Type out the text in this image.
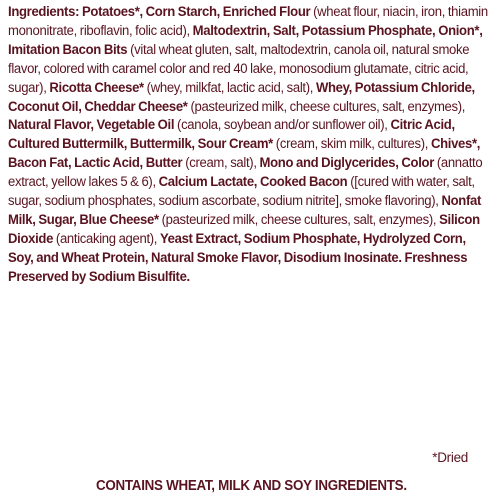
Ingredients: Potatoes*, Corn Starch, Enriched Flour (wheat flour, niacin, iron, thiamin mononitrate, riboflavin, folic acid), Maltodextrin, Salt, Potassium Phosphate, Onion*, Imitation Bacon Bits (vital wheat gluten, salt, maltodextrin, canola oil, natural smoke flavor, colored with caramel color and red 40 lake, monosodium glutamate, citric acid, sugar), Ricotta Cheese* (whey, milkfat, lactic acid, salt), Whey, Potassium Chloride, Coconut Oil, Cheddar Cheese* (pasteurized milk, cheese cultures, salt, enzymes), Natural Flavor, Vegetable Oil (canola, soybean and/or sunflower oil), Citric Acid, Cultured Buttermilk, Buttermilk, Sour Cream* (cream, skim milk, cultures), Chives*, Bacon Fat, Lactic Acid, Butter (cream, salt), Mono and Diglycerides, Color (annatto extract, yellow lakes 5 & 6), Calcium Lactate, Cooked Bacon ([cured with water, salt, sugar, sodium phosphates, sodium ascorbate, sodium nitrite], smoke flavoring), Nonfat Milk, Sugar, Blue Cheese* (pasteurized milk, cheese cultures, salt, enzymes), Silicon Dioxide (anticaking agent), Yeast Extract, Sodium Phosphate, Hydrolyzed Corn, Soy, and Wheat Protein, Natural Smoke Flavor, Disodium Inosinate. Freshness Preserved by Sodium Bisulfite.

*Dried
CONTAINS WHEAT, MILK AND SOY INGREDIENTS.
